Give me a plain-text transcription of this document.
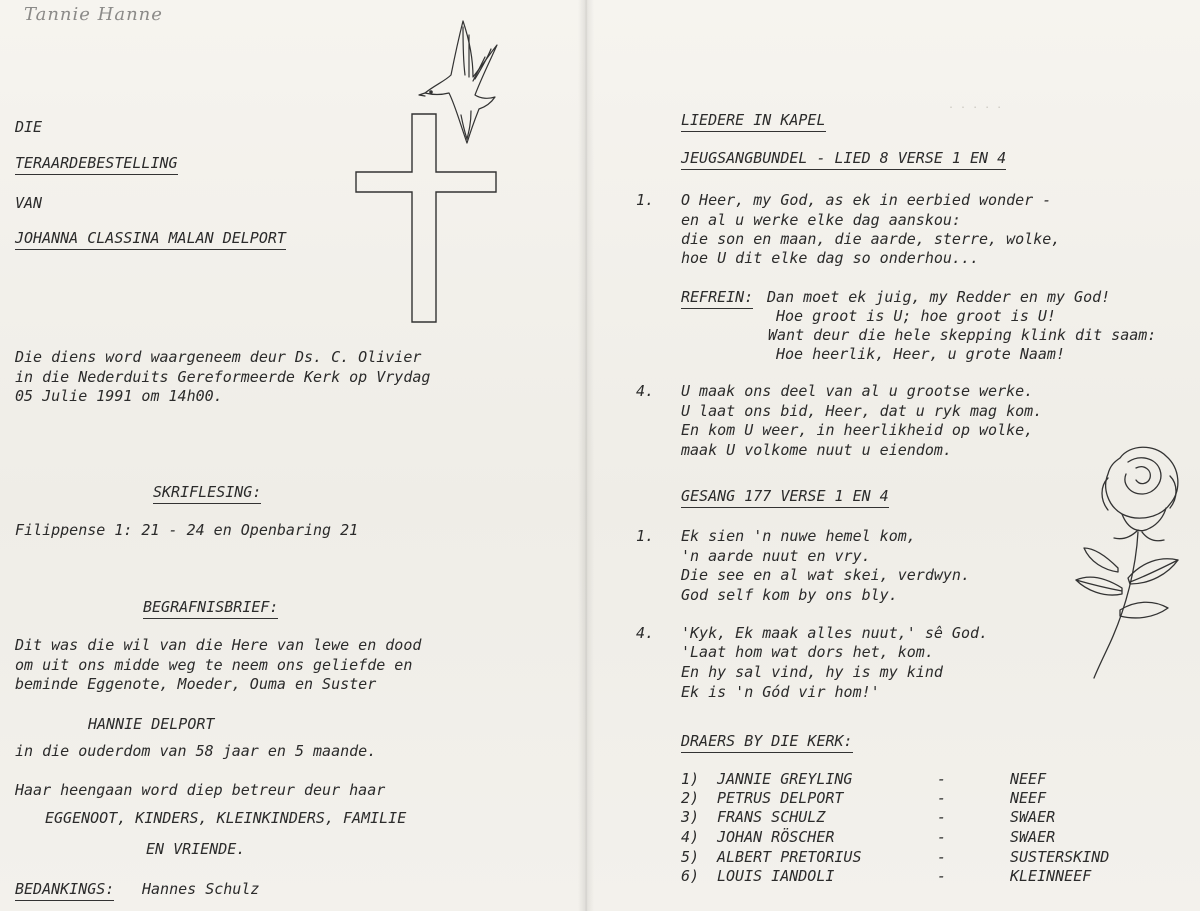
Tannie Hanne
DIE
TERAARDEBESTELLING
VAN
JOHANNA CLASSINA MALAN DELPORT
Die diens word waargeneem deur Ds. C. Olivier
in die Nederduits Gereformeerde Kerk op Vrydag
05 Julie 1991 om 14h00.
SKRIFLESING:
Filippense 1: 21 - 24 en Openbaring 21
BEGRAFNISBRIEF:
Dit was die wil van die Here van lewe en dood
om uit ons midde weg te neem ons geliefde en
beminde Eggenote, Moeder, Ouma en Suster
HANNIE DELPORT
in die ouderdom van 58 jaar en 5 maande.
Haar heengaan word diep betreur deur haar
EGGENOOT, KINDERS, KLEINKINDERS, FAMILIE
EN VRIENDE.
BEDANKINGS: Hannes Schulz
LIEDERE IN KAPEL
JEUGSANGBUNDEL - LIED 8 VERSE 1 EN 4
1. O Heer, my God, as ek in eerbied wonder -
en al u werke elke dag aanskou:
die son en maan, die aarde, sterre, wolke,
hoe U dit elke dag so onderhou...
REFREIN: Dan moet ek juig, my Redder en my God!
Hoe groot is U; hoe groot is U!
Want deur die hele skepping klink dit saam:
Hoe heerlik, Heer, u grote Naam!
4. U maak ons deel van al u grootse werke.
U laat ons bid, Heer, dat u ryk mag kom.
En kom U weer, in heerlikheid op wolke,
maak U volkome nuut u eiendom.
GESANG 177 VERSE 1 EN 4
1. Ek sien 'n nuwe hemel kom,
'n aarde nuut en vry.
Die see en al wat skei, verdwyn.
God self kom by ons bly.
4. 'Kyk, Ek maak alles nuut,' sê God.
'Laat hom wat dors het, kom.
En hy sal vind, hy is my kind
Ek is 'n Gód vir hom!'
DRAERS BY DIE KERK:
1) JANNIE GREYLING	-	NEEF
2) PETRUS DELPORT	-	NEEF
3) FRANS SCHULZ	-	SWAER
4) JOHAN RÖSCHER	-	SWAER
5) ALBERT PRETORIUS	-	SUSTERSKIND
6) LOUIS IANDOLI	-	KLEINNEEF
. . . . .
